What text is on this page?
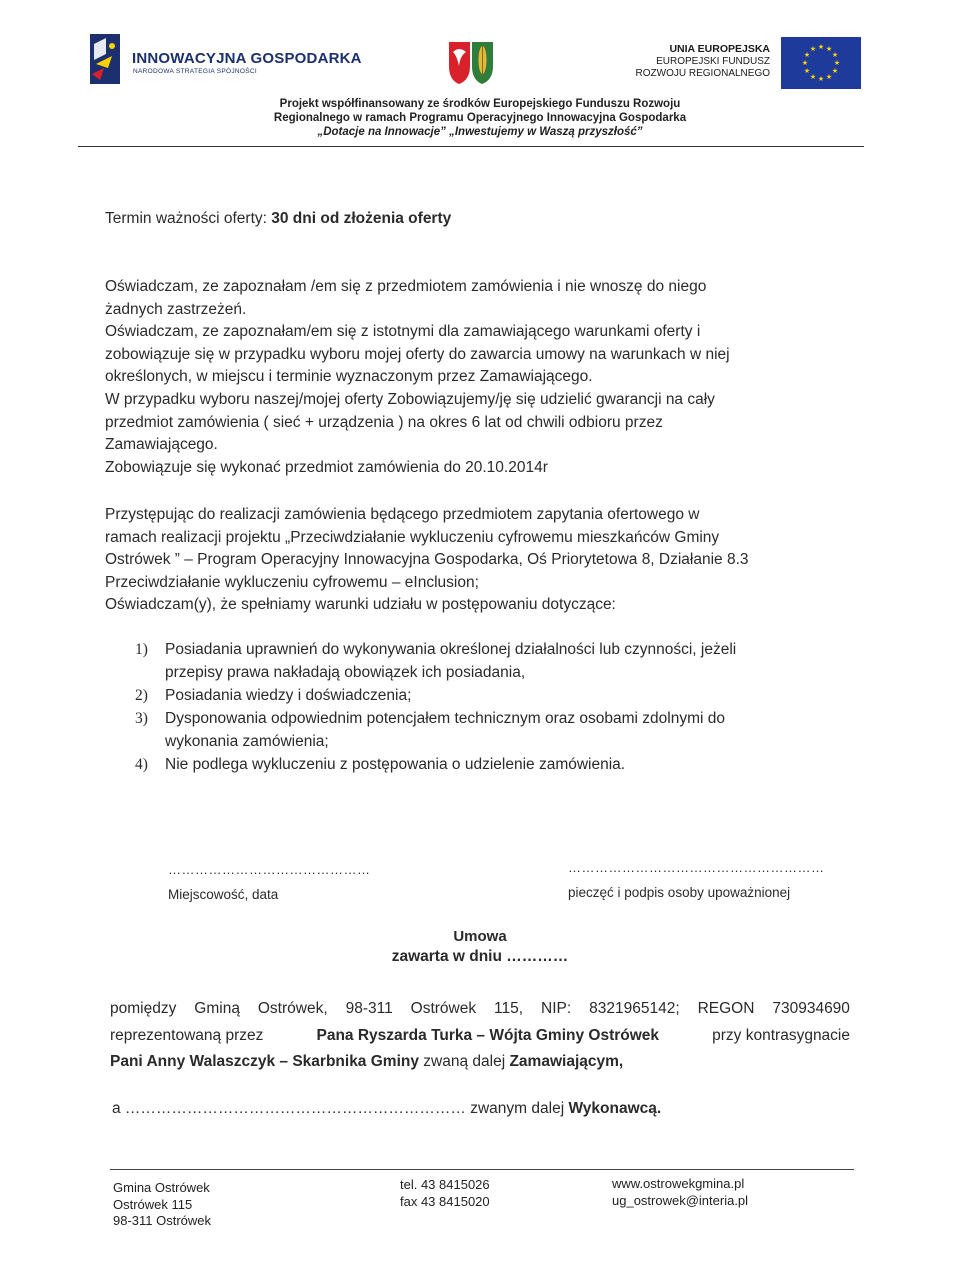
INNOWACYJNA GOSPODARKA
NARODOWA STRATEGIA SPÓJNOŚCI
UNIA EUROPEJSKA
EUROPEJSKI FUNDUSZ
ROZWOJU REGIONALNEGO
★ ★
★
★
★
★
★
★
★
★
★
★
Projekt współfinansowany ze środków Europejskiego Funduszu Rozwoju
Regionalnego w ramach Programu Operacyjnego Innowacyjna Gospodarka
„Dotacje na Innowacje” „Inwestujemy w Waszą przyszłość”
Termin ważności oferty: 30 dni od złożenia oferty
Oświadczam, ze zapoznałam /em się z przedmiotem zamówienia i nie wnoszę do niego
żadnych zastrzeżeń.
Oświadczam, ze zapoznałam/em się z istotnymi dla zamawiającego warunkami oferty i
zobowiązuje się w przypadku wyboru mojej oferty do zawarcia umowy na warunkach w niej
określonych, w miejscu i terminie wyznaczonym przez Zamawiającego.
W przypadku wyboru naszej/mojej oferty Zobowiązujemy/ję się udzielić gwarancji na cały
przedmiot zamówienia ( sieć + urządzenia ) na okres 6 lat od chwili odbioru przez
Zamawiającego.
Zobowiązuje się wykonać przedmiot zamówienia do 20.10.2014r
Przystępując do realizacji zamówienia będącego przedmiotem zapytania ofertowego w
ramach realizacji projektu „Przeciwdziałanie wykluczeniu cyfrowemu mieszkańców Gminy
Ostrówek ” – Program Operacyjny Innowacyjna Gospodarka, Oś Priorytetowa 8, Działanie 8.3
Przeciwdziałanie wykluczeniu cyfrowemu – eInclusion;
Oświadczam(y), że spełniamy warunki udziału w postępowaniu dotyczące:
1) Posiadania uprawnień do wykonywania określonej działalności lub czynności, jeżeli
przepisy prawa nakładają obowiązek ich posiadania,
2) Posiadania wiedzy i doświadczenia;
3) Dysponowania odpowiednim potencjałem technicznym oraz osobami zdolnymi do
wykonania zamówienia;
4) Nie podlega wykluczeniu z postępowania o udzielenie zamówienia.
………………………………………	…………………………………………………
Miejscowość, data	pieczęć i podpis osoby upoważnionej
Umowa
zawarta w dniu …………
pomiędzy Gminą Ostrówek, 98-311 Ostrówek 115, NIP: 8321965142; REGON 730934690
reprezentowaną przez	Pana Ryszarda Turka – Wójta Gminy Ostrówek	przy kontrasygnacie
Pani Anny Walaszczyk – Skarbnika Gminy zwaną dalej Zamawiającym,
a ………………………………………………………… zwanym dalej Wykonawcą.
Gmina Ostrówek
Ostrówek 115
98-311 Ostrówek
tel. 43 8415026
fax 43 8415020
www.ostrowekgmina.pl
ug_ostrowek@interia.pl
